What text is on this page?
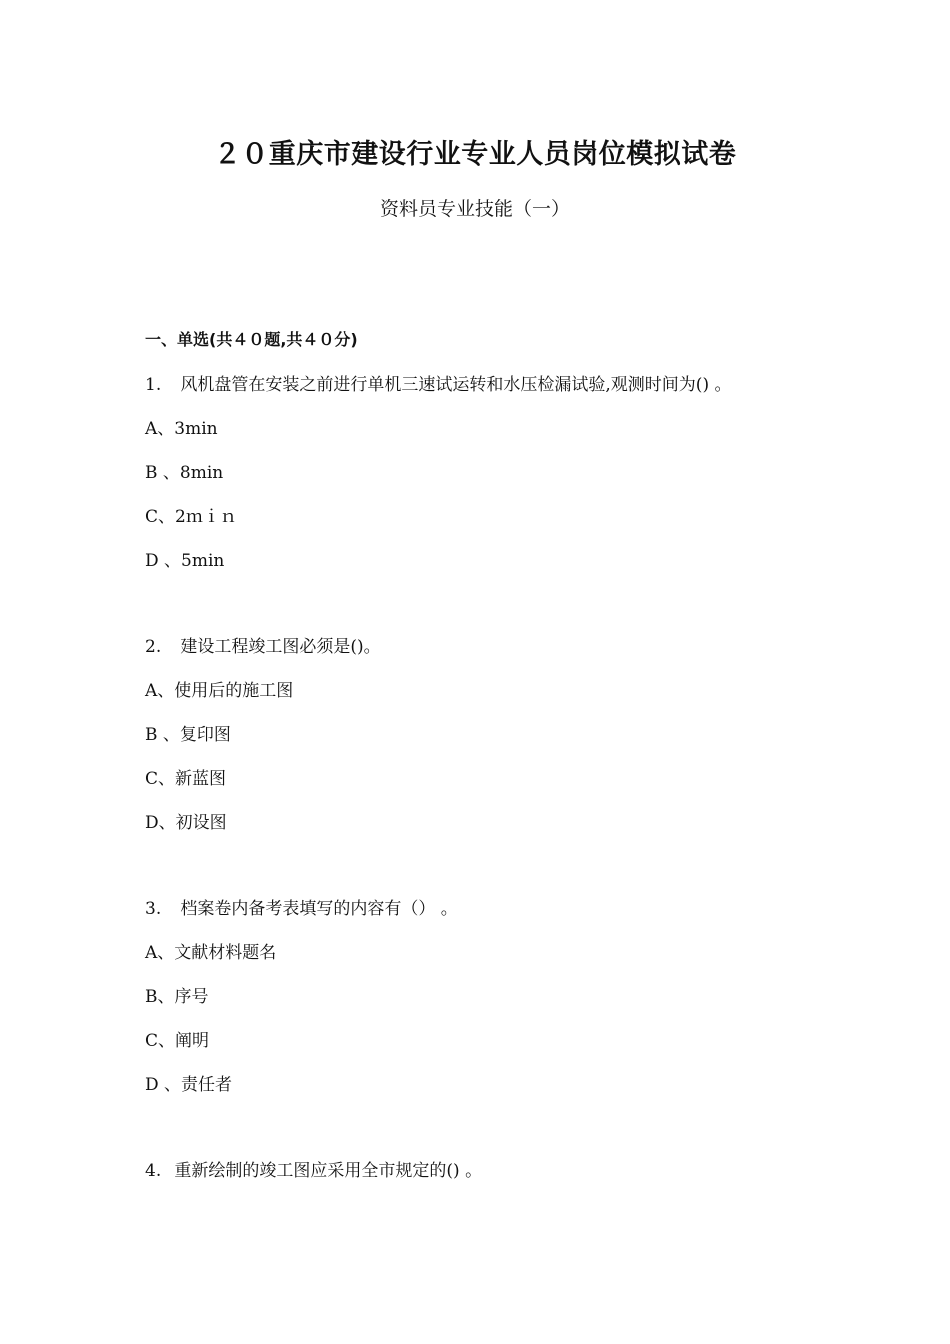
２０重庆市建设行业专业人员岗位模拟试卷
资料员专业技能（一）
一、单选(共４０题,共４０分)
1. 风机盘管在安装之前进行单机三速试运转和水压检漏试验,观测时间为() 。
A、3min
B 、8min
C、2ｍｉｎ
D 、5min
2. 建设工程竣工图必须是()。
A、使用后的施工图
B 、复印图
C、新蓝图
D、初设图
3. 档案卷内备考表填写的内容有（） 。
A、文献材料题名
B、序号
C、阐明
D 、责任者
4. 重新绘制的竣工图应采用全市规定的() 。
